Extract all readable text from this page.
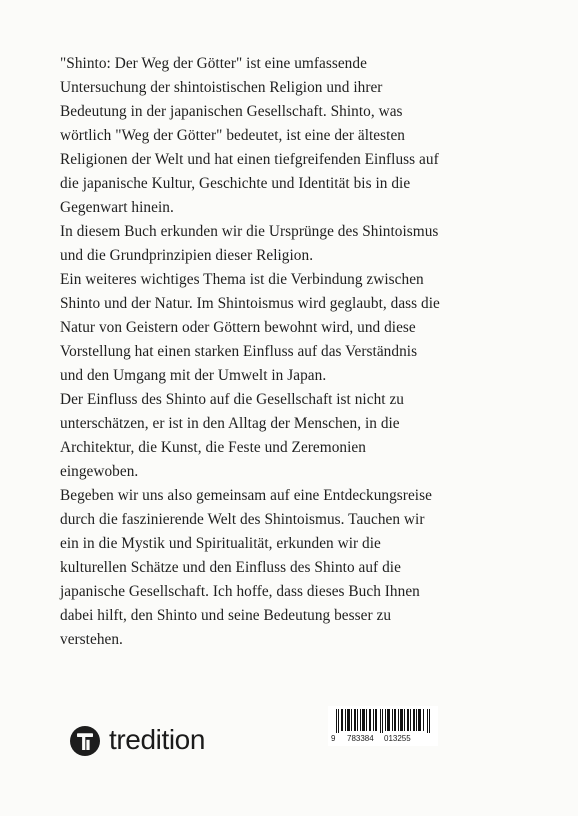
"Shinto: Der Weg der Götter" ist eine umfassende
Untersuchung der shintoistischen Religion und ihrer
Bedeutung in der japanischen Gesellschaft. Shinto, was
wörtlich "Weg der Götter" bedeutet, ist eine der ältesten
Religionen der Welt und hat einen tiefgreifenden Einfluss auf
die japanische Kultur, Geschichte und Identität bis in die
Gegenwart hinein.

In diesem Buch erkunden wir die Ursprünge des Shintoismus
und die Grundprinzipien dieser Religion.

Ein weiteres wichtiges Thema ist die Verbindung zwischen
Shinto und der Natur. Im Shintoismus wird geglaubt, dass die
Natur von Geistern oder Göttern bewohnt wird, und diese
Vorstellung hat einen starken Einfluss auf das Verständnis
und den Umgang mit der Umwelt in Japan.

Der Einfluss des Shinto auf die Gesellschaft ist nicht zu
unterschätzen, er ist in den Alltag der Menschen, in die
Architektur, die Kunst, die Feste und Zeremonien
eingewoben.

Begeben wir uns also gemeinsam auf eine Entdeckungsreise
durch die faszinierende Welt des Shintoismus. Tauchen wir
ein in die Mystik und Spiritualität, erkunden wir die
kulturellen Schätze und den Einfluss des Shinto auf die
japanische Gesellschaft. Ich hoffe, dass dieses Buch Ihnen
dabei hilft, den Shinto und seine Bedeutung besser zu
verstehen.

tredition	9 783384 013255
